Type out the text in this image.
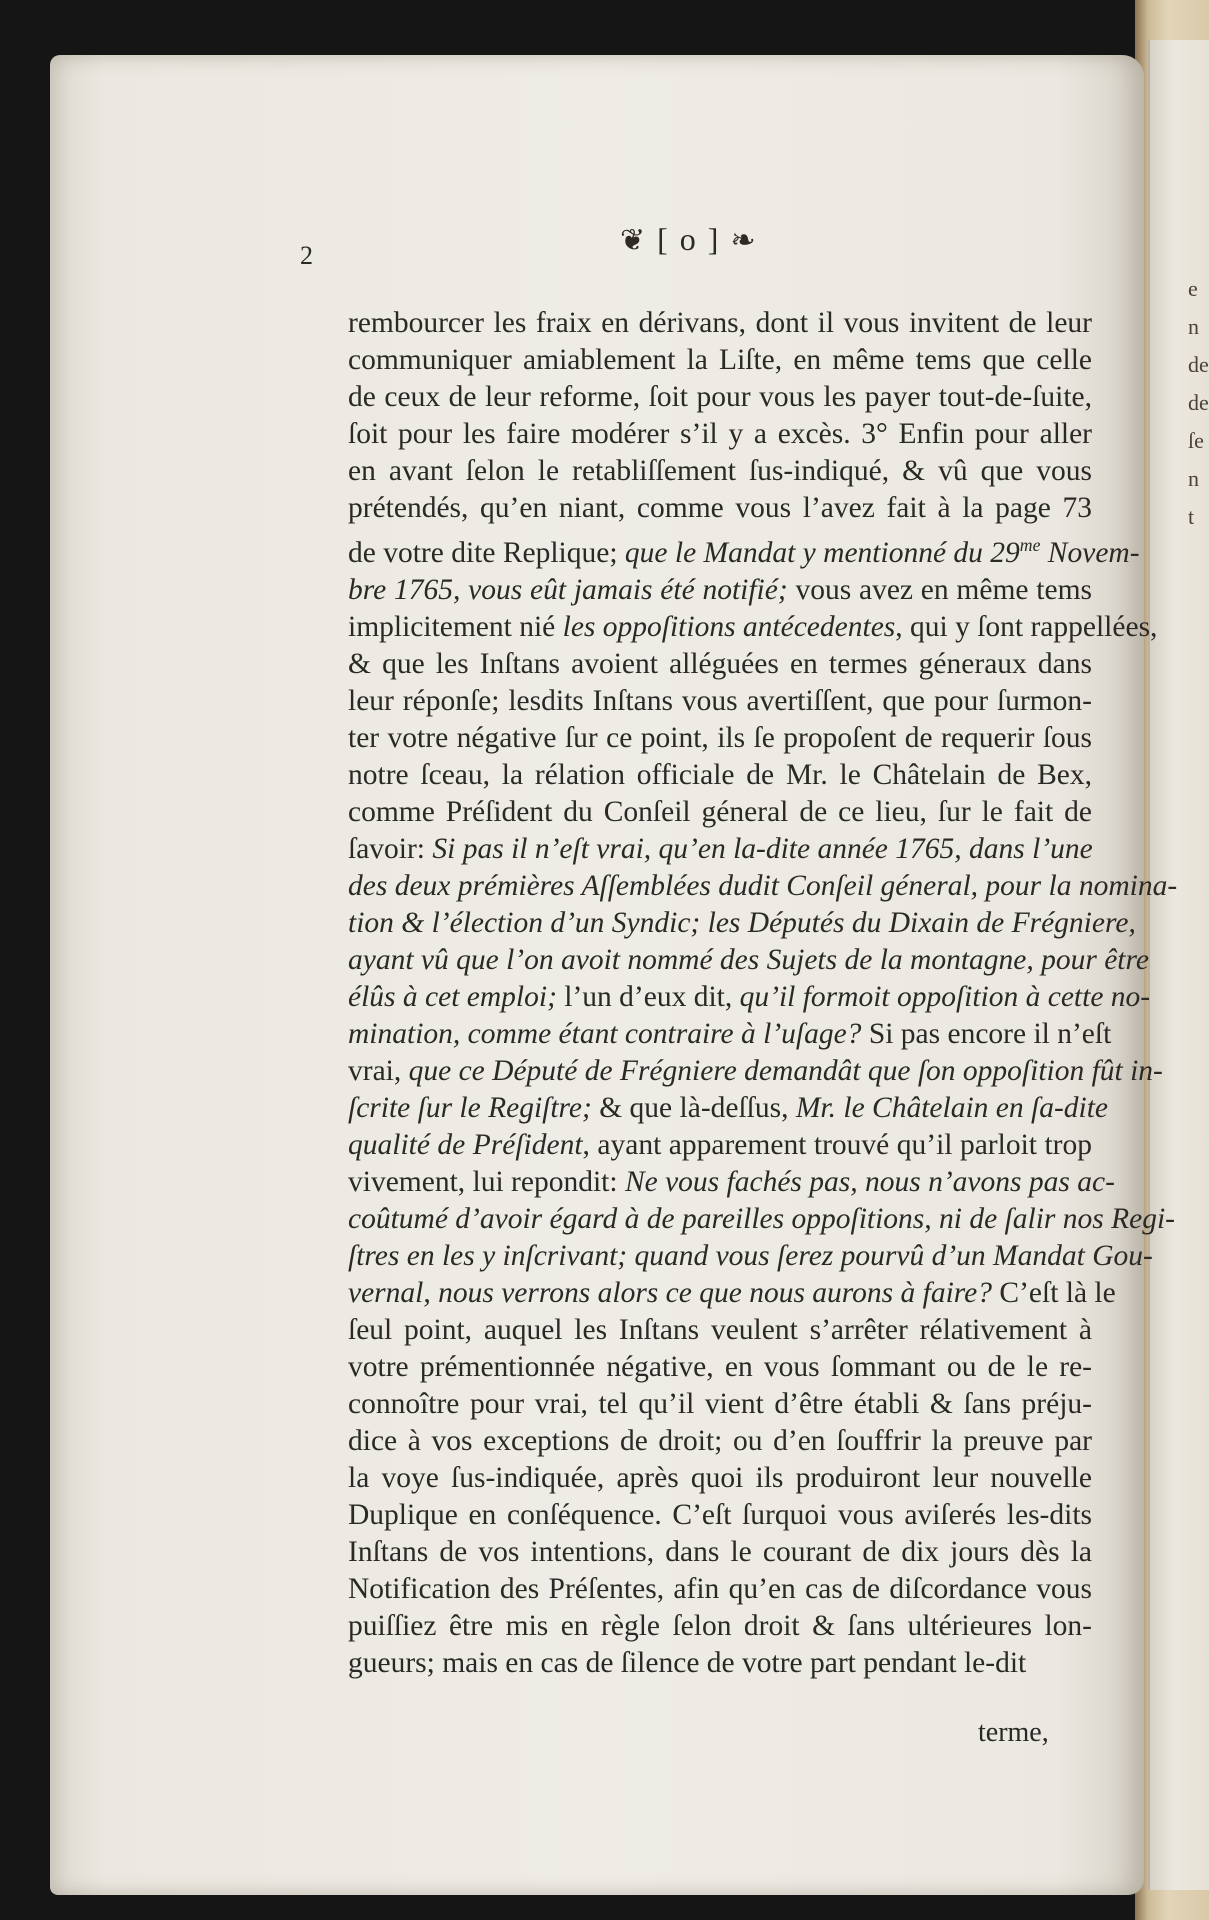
e
n
de
de
ſe
n
t
2	❦ [ o ] ❧
rembourcer les fraix en dérivans, dont il vous invitent de leur
communiquer amiablement la Liſte, en même tems que celle
de ceux de leur reforme, ſoit pour vous les payer tout-de-ſuite,
ſoit pour les faire modérer s’il y a excès. 3° Enfin pour aller
en avant ſelon le retabliſſement ſus-indiqué, & vû que vous
prétendés, qu’en niant, comme vous l’avez fait à la page 73
de votre dite Replique; que le Mandat y mentionné du $29^{me}$ Novem-
bre 1765, vous eût jamais été notifié; vous avez en même tems
implicitement nié les oppoſitions antécedentes, qui y ſont rappellées,
& que les Inſtans avoient alléguées en termes géneraux dans
leur réponſe; lesdits Inſtans vous avertiſſent, que pour ſurmon-
ter votre négative ſur ce point, ils ſe propoſent de requerir ſous
notre ſceau, la rélation officiale de Mr. le Châtelain de Bex,
comme Préſident du Conſeil géneral de ce lieu, ſur le fait de
ſavoir: Si pas il n’eſt vrai, qu’en la-dite année 1765, dans l’une
des deux prémières Aſſemblées dudit Conſeil géneral, pour la nomina-
tion & l’élection d’un Syndic; les Députés du Dixain de Frégniere,
ayant vû que l’on avoit nommé des Sujets de la montagne, pour être
élûs à cet emploi; l’un d’eux dit, qu’il formoit oppoſition à cette no-
mination, comme étant contraire à l’uſage? Si pas encore il n’eſt
vrai, que ce Député de Frégniere demandât que ſon oppoſition fût in-
ſcrite ſur le Regiſtre; & que là-deſſus, Mr. le Châtelain en ſa-dite
qualité de Préſident, ayant apparement trouvé qu’il parloit trop
vivement, lui repondit: Ne vous fachés pas, nous n’avons pas ac-
coûtumé d’avoir égard à de pareilles oppoſitions, ni de ſalir nos Regi-
ſtres en les y inſcrivant; quand vous ſerez pourvû d’un Mandat Gou-
vernal, nous verrons alors ce que nous aurons à faire? C’eſt là le
ſeul point, auquel les Inſtans veulent s’arrêter rélativement à
votre prémentionnée négative, en vous ſommant ou de le re-
connoître pour vrai, tel qu’il vient d’être établi & ſans préju-
dice à vos exceptions de droit; ou d’en ſouffrir la preuve par
la voye ſus-indiquée, après quoi ils produiront leur nouvelle
Duplique en conſéquence. C’eſt ſurquoi vous aviſerés les-dits
Inſtans de vos intentions, dans le courant de dix jours dès la
Notification des Préſentes, afin qu’en cas de diſcordance vous
puiſſiez être mis en règle ſelon droit & ſans ultérieures lon-
gueurs; mais en cas de ſilence de votre part pendant le-dit
terme,
